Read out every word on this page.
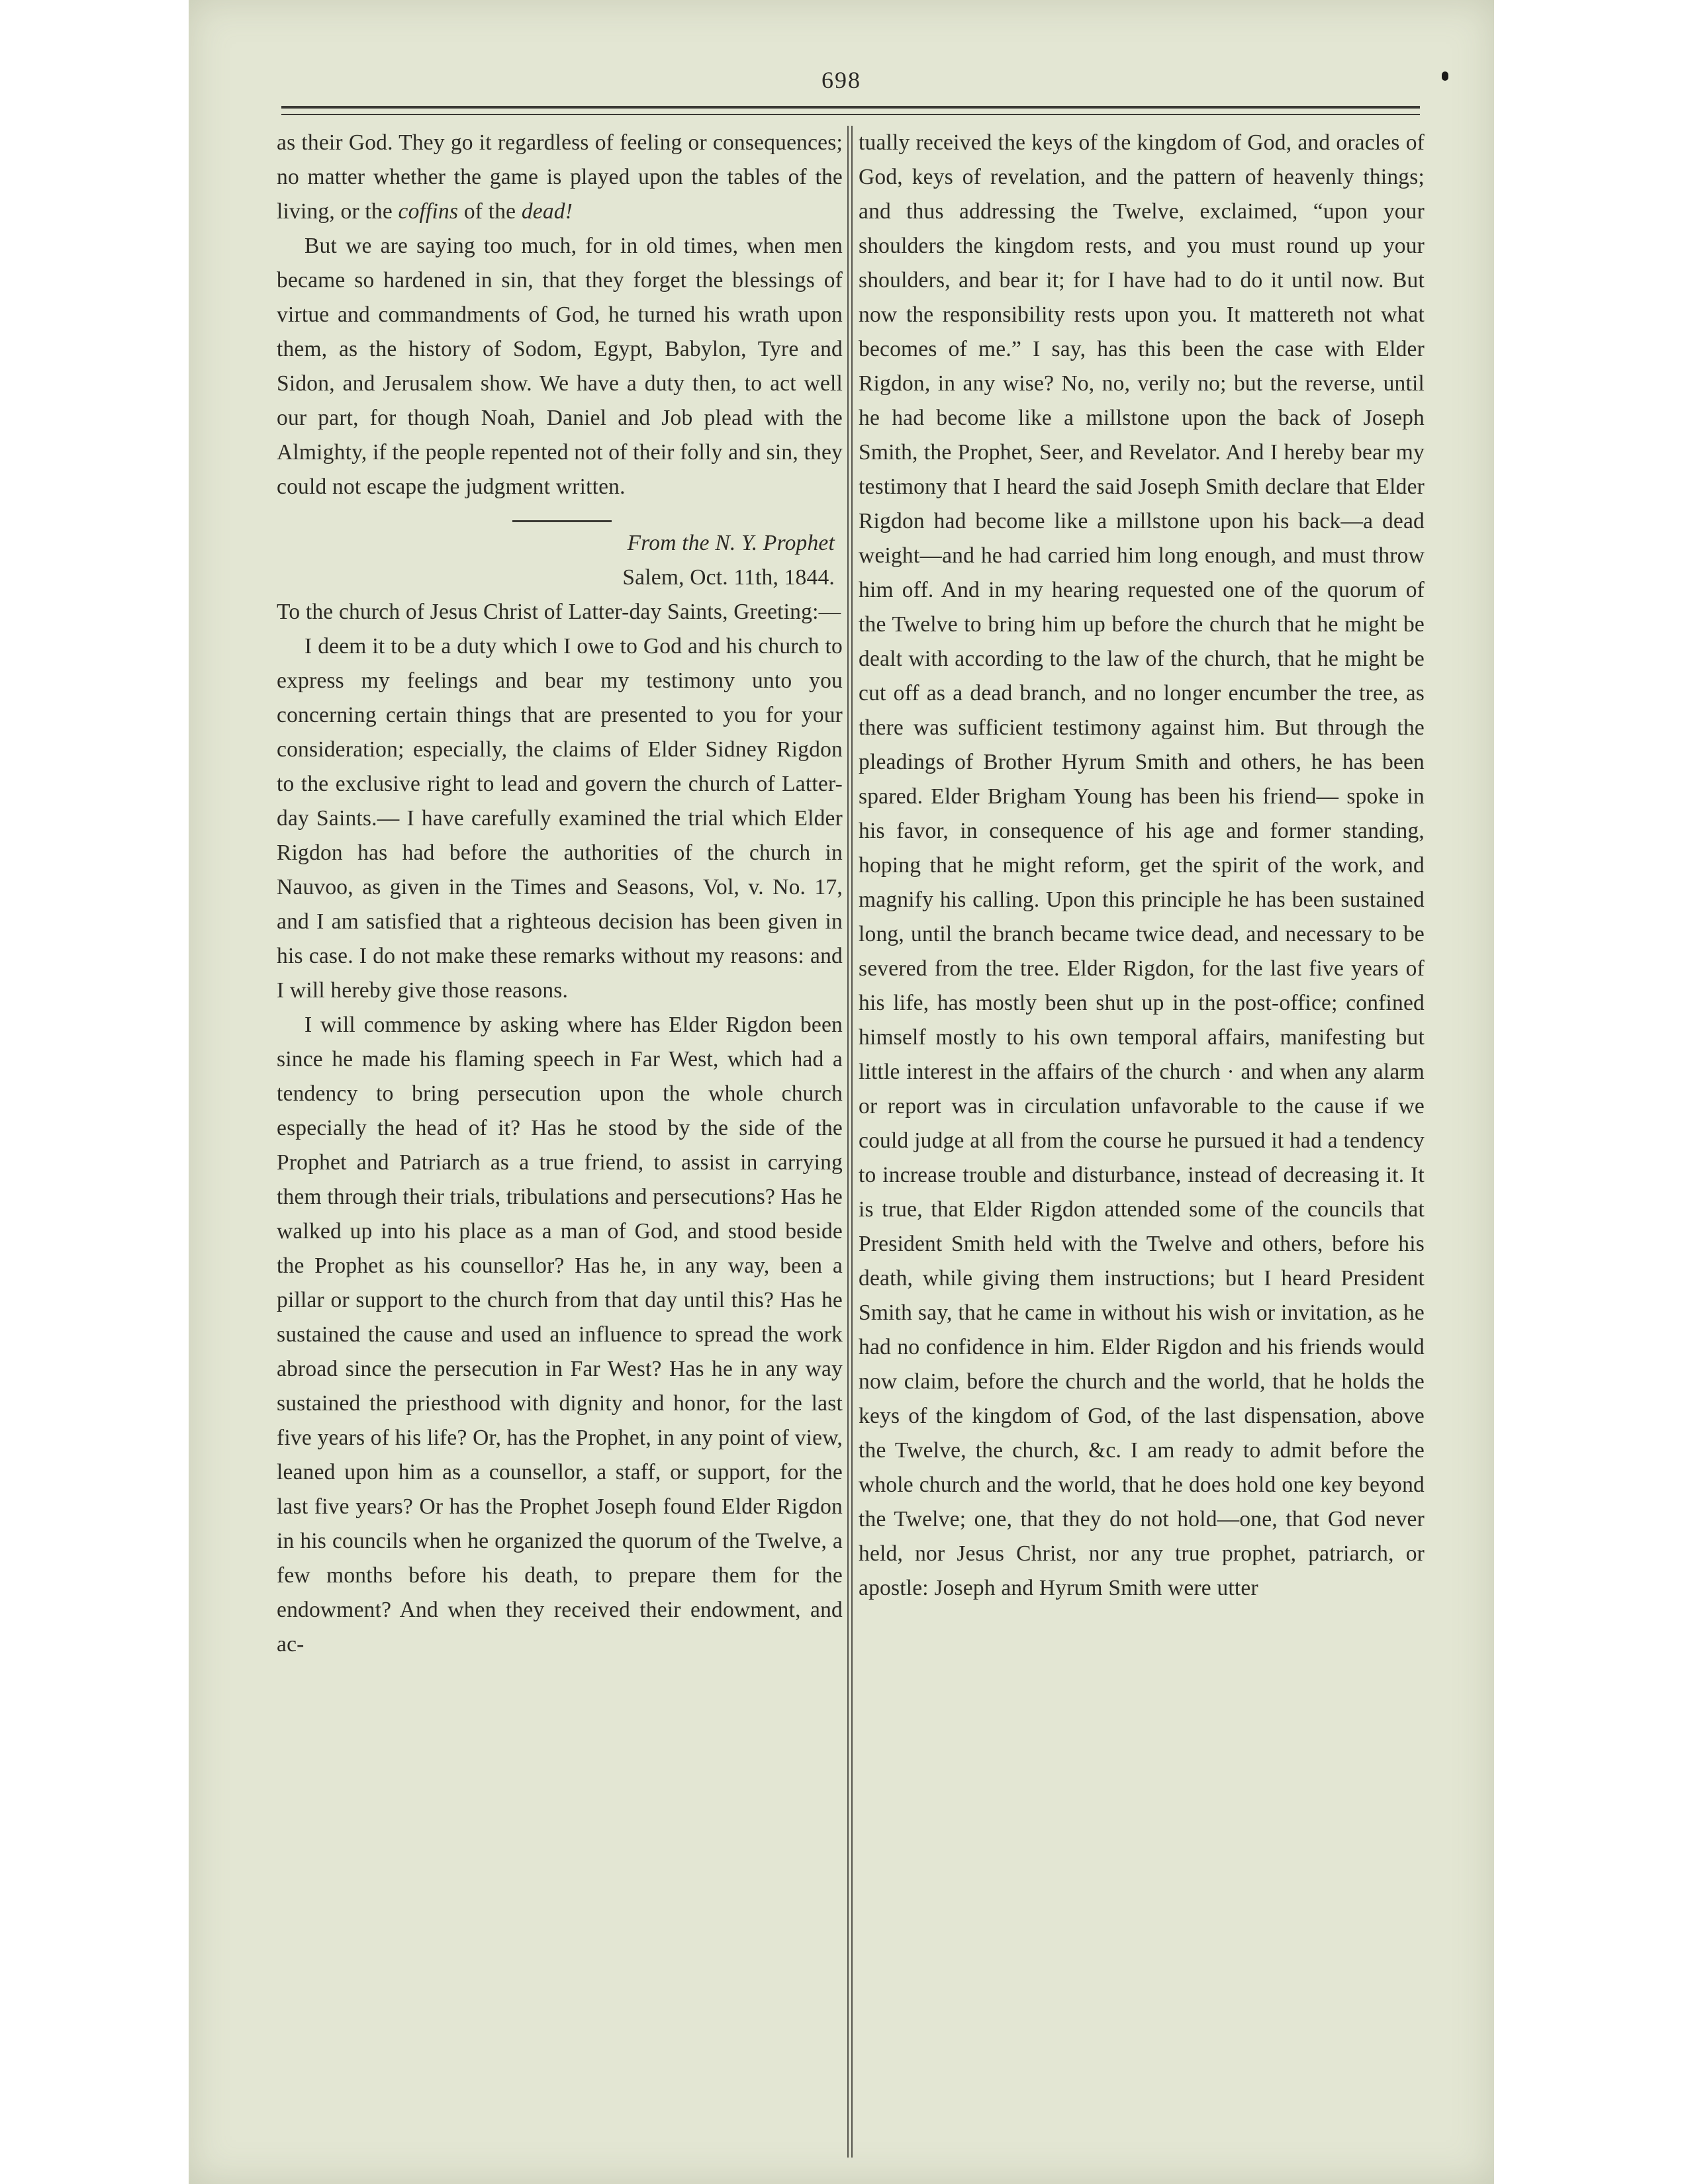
698

as their God. They go it regardless of feeling or consequences; no matter whether the game is played upon the tables of the living, or the coffins of the dead!

But we are saying too much, for in old times, when men became so hardened in sin, that they forget the blessings of virtue and commandments of God, he turned his wrath upon them, as the history of Sodom, Egypt, Babylon, Tyre and Sidon, and Jerusalem show. We have a duty then, to act well our part, for though Noah, Daniel and Job plead with the Almighty, if the people repented not of their folly and sin, they could not escape the judgment written.

From the N. Y. Prophet

Salem, Oct. 11th, 1844.

To the church of Jesus Christ of Latter-day Saints, Greeting:—

I deem it to be a duty which I owe to God and his church to express my feelings and bear my testimony unto you concerning certain things that are presented to you for your consideration; especially, the claims of Elder Sidney Rigdon to the exclusive right to lead and govern the church of Latter-day Saints.— I have carefully examined the trial which Elder Rigdon has had before the authorities of the church in Nauvoo, as given in the Times and Seasons, Vol, v. No. 17, and I am satisfied that a righteous decision has been given in his case. I do not make these remarks without my reasons: and I will hereby give those reasons.

I will commence by asking where has Elder Rigdon been since he made his flaming speech in Far West, which had a tendency to bring persecution upon the whole church especially the head of it? Has he stood by the side of the Prophet and Patriarch as a true friend, to assist in carrying them through their trials, tribulations and persecutions? Has he walked up into his place as a man of God, and stood beside the Prophet as his counsellor? Has he, in any way, been a pillar or support to the church from that day until this? Has he sustained the cause and used an influence to spread the work abroad since the persecution in Far West? Has he in any way sustained the priesthood with dignity and honor, for the last five years of his life? Or, has the Prophet, in any point of view, leaned upon him as a counsellor, a staff, or support, for the last five years? Or has the Prophet Joseph found Elder Rigdon in his councils when he organized the quorum of the Twelve, a few months before his death, to prepare them for the endowment? And when they received their endowment, and ac-

tually received the keys of the kingdom of God, and oracles of God, keys of revelation, and the pattern of heavenly things; and thus addressing the Twelve, exclaimed, “upon your shoulders the kingdom rests, and you must round up your shoulders, and bear it; for I have had to do it until now. But now the responsibility rests upon you. It mattereth not what becomes of me.” I say, has this been the case with Elder Rigdon, in any wise? No, no, verily no; but the reverse, until he had become like a millstone upon the back of Joseph Smith, the Prophet, Seer, and Revelator. And I hereby bear my testimony that I heard the said Joseph Smith declare that Elder Rigdon had become like a millstone upon his back—a dead weight—and he had carried him long enough, and must throw him off. And in my hearing requested one of the quorum of the Twelve to bring him up before the church that he might be dealt with according to the law of the church, that he might be cut off as a dead branch, and no longer encumber the tree, as there was sufficient testimony against him. But through the pleadings of Brother Hyrum Smith and others, he has been spared. Elder Brigham Young has been his friend— spoke in his favor, in consequence of his age and former standing, hoping that he might reform, get the spirit of the work, and magnify his calling. Upon this principle he has been sustained long, until the branch became twice dead, and necessary to be severed from the tree. Elder Rigdon, for the last five years of his life, has mostly been shut up in the post-office; confined himself mostly to his own temporal affairs, manifesting but little interest in the affairs of the church · and when any alarm or report was in circulation unfavorable to the cause if we could judge at all from the course he pursued it had a tendency to increase trouble and disturbance, instead of decreasing it. It is true, that Elder Rigdon attended some of the councils that President Smith held with the Twelve and others, before his death, while giving them instructions; but I heard President Smith say, that he came in without his wish or invitation, as he had no confidence in him. Elder Rigdon and his friends would now claim, before the church and the world, that he holds the keys of the kingdom of God, of the last dispensation, above the Twelve, the church, &c. I am ready to admit before the whole church and the world, that he does hold one key beyond the Twelve; one, that they do not hold—one, that God never held, nor Jesus Christ, nor any true prophet, patriarch, or apostle: Joseph and Hyrum Smith were utter
